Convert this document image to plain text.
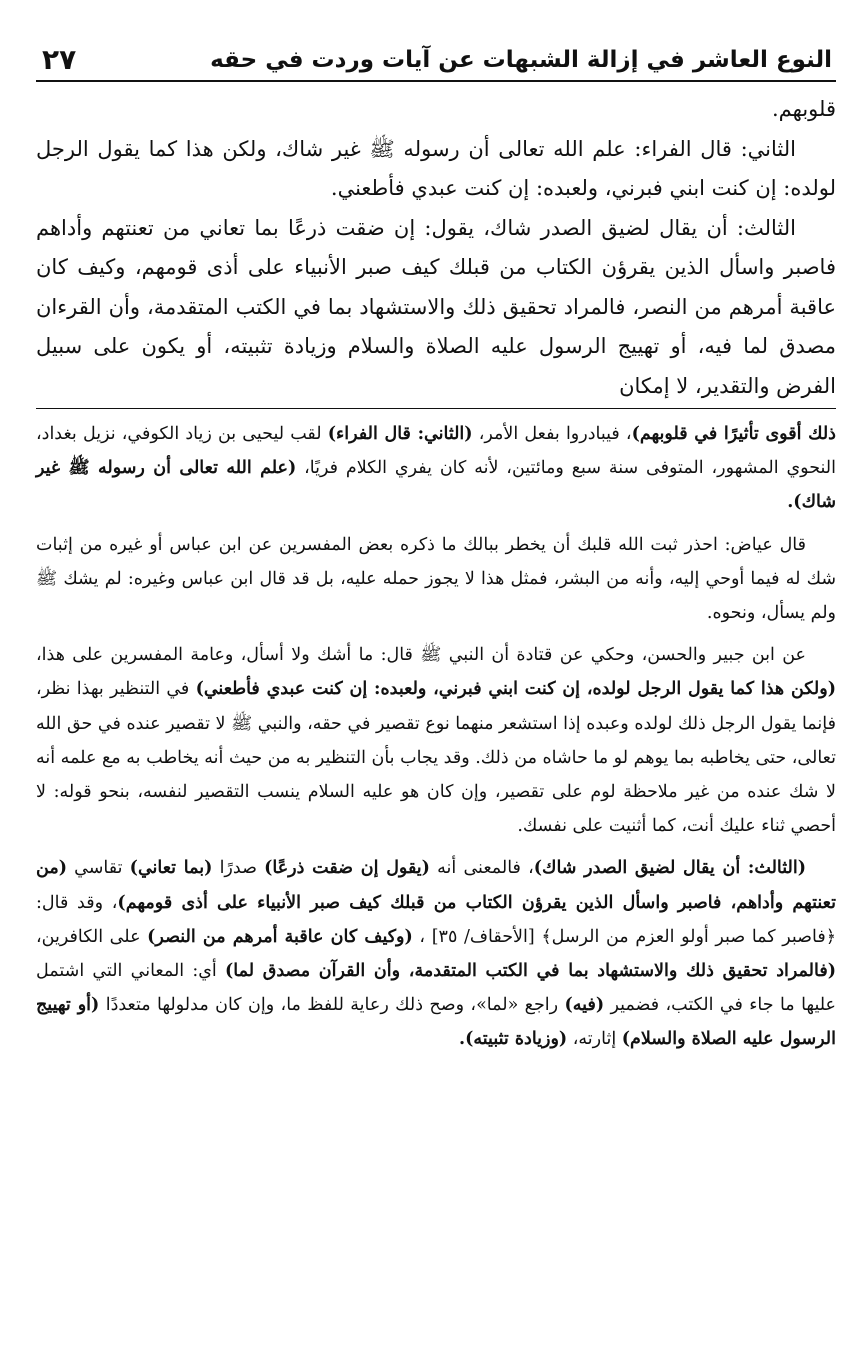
النوع العاشر في إزالة الشبهات عن آيات وردت في حقه
٢٧

قلوبهم.

الثاني: قال الفراء: علم الله تعالى أن رسوله ﷺ غير شاك، ولكن هذا كما يقول الرجل لولده: إن كنت ابني فبرني، ولعبده: إن كنت عبدي فأطعني.

الثالث: أن يقال لضيق الصدر شاك، يقول: إن ضقت ذرعًا بما تعاني من تعنتهم وأداهم فاصبر واسأل الذين يقرؤن الكتاب من قبلك كيف صبر الأنبياء على أذى قومهم، وكيف كان عاقبة أمرهم من النصر، فالمراد تحقيق ذلك والاستشهاد بما في الكتب المتقدمة، وأن القرءان مصدق لما فيه، أو تهييج الرسول عليه الصلاة والسلام وزيادة تثبيته، أو يكون على سبيل الفرض والتقدير، لا إمكان

ذلك أقوى تأثيرًا في قلوبهم)، فيبادروا بفعل الأمر، (الثاني: قال الفراء) لقب ليحيى بن زياد الكوفي، نزيل بغداد، النحوي المشهور، المتوفى سنة سبع ومائتين، لأنه كان يفري الكلام فريًا، (علم الله تعالى أن رسوله ﷺ غير شاك).

قال عياض: احذر ثبت الله قلبك أن يخطر ببالك ما ذكره بعض المفسرين عن ابن عباس أو غيره من إثبات شك له فيما أوحي إليه، وأنه من البشر، فمثل هذا لا يجوز حمله عليه، بل قد قال ابن عباس وغيره: لم يشك ﷺ ولم يسأل، ونحوه.

عن ابن جبير والحسن، وحكي عن قتادة أن النبي ﷺ قال: ما أشك ولا أسأل، وعامة المفسرين على هذا، (ولكن هذا كما يقول الرجل لولده، إن كنت ابني فبرني، ولعبده: إن كنت عبدي فأطعني) في التنظير بهذا نظر، فإنما يقول الرجل ذلك لولده وعبده إذا استشعر منهما نوع تقصير في حقه، والنبي ﷺ لا تقصير عنده في حق الله تعالى، حتى يخاطبه بما يوهم لو ما حاشاه من ذلك. وقد يجاب بأن التنظير به من حيث أنه يخاطب به مع علمه أنه لا شك عنده من غير ملاحظة لوم على تقصير، وإن كان هو عليه السلام ينسب التقصير لنفسه، بنحو قوله: لا أحصي ثناء عليك أنت، كما أثنيت على نفسك.

(الثالث: أن يقال لضيق الصدر شاك)، فالمعنى أنه (يقول إن ضقت ذرعًا) صدرًا (بما تعاني) تقاسي (من تعنتهم وأداهم، فاصبر واسأل الذين يقرؤن الكتاب من قبلك كيف صبر الأنبياء على أذى قومهم)، وقد قال: ﴿فاصبر كما صبر أولو العزم من الرسل﴾ [الأحقاف/ ٣٥] ، (وكيف كان عاقبة أمرهم من النصر) على الكافرين، (فالمراد تحقيق ذلك والاستشهاد بما في الكتب المتقدمة، وأن القرآن مصدق لما) أي: المعاني التي اشتمل عليها ما جاء في الكتب، فضمير (فيه) راجع «لما»، وصح ذلك رعاية للفظ ما، وإن كان مدلولها متعددًا (أو تهييج الرسول عليه الصلاة والسلام) إثارته، (وزيادة تثبيته).
